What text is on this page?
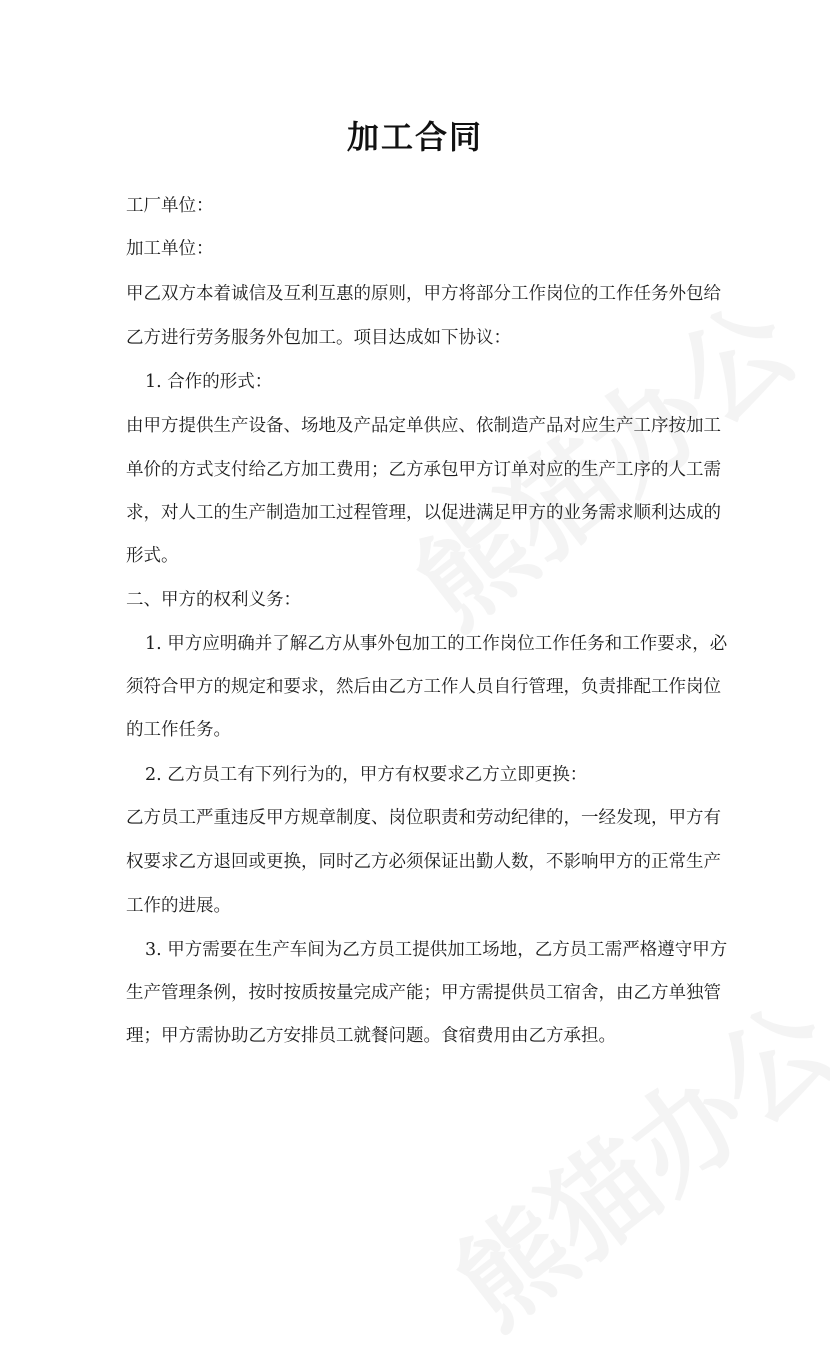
加工合同
工厂单位：
加工单位：
甲乙双方本着诚信及互利互惠的原则，甲方将部分工作岗位的工作任务外包给
乙方进行劳务服务外包加工。项目达成如下协议：
1. 合作的形式：
由甲方提供生产设备、场地及产品定单供应、依制造产品对应生产工序按加工
单价的方式支付给乙方加工费用；乙方承包甲方订单对应的生产工序的人工需
求，对人工的生产制造加工过程管理，以促进满足甲方的业务需求顺利达成的
形式。
二、甲方的权利义务：
1. 甲方应明确并了解乙方从事外包加工的工作岗位工作任务和工作要求，必
须符合甲方的规定和要求，然后由乙方工作人员自行管理，负责排配工作岗位
的工作任务。
2. 乙方员工有下列行为的，甲方有权要求乙方立即更换：
乙方员工严重违反甲方规章制度、岗位职责和劳动纪律的，一经发现，甲方有
权要求乙方退回或更换，同时乙方必须保证出勤人数，不影响甲方的正常生产
工作的进展。
3. 甲方需要在生产车间为乙方员工提供加工场地，乙方员工需严格遵守甲方
生产管理条例，按时按质按量完成产能；甲方需提供员工宿舍，由乙方单独管
理；甲方需协助乙方安排员工就餐问题。食宿费用由乙方承担。
